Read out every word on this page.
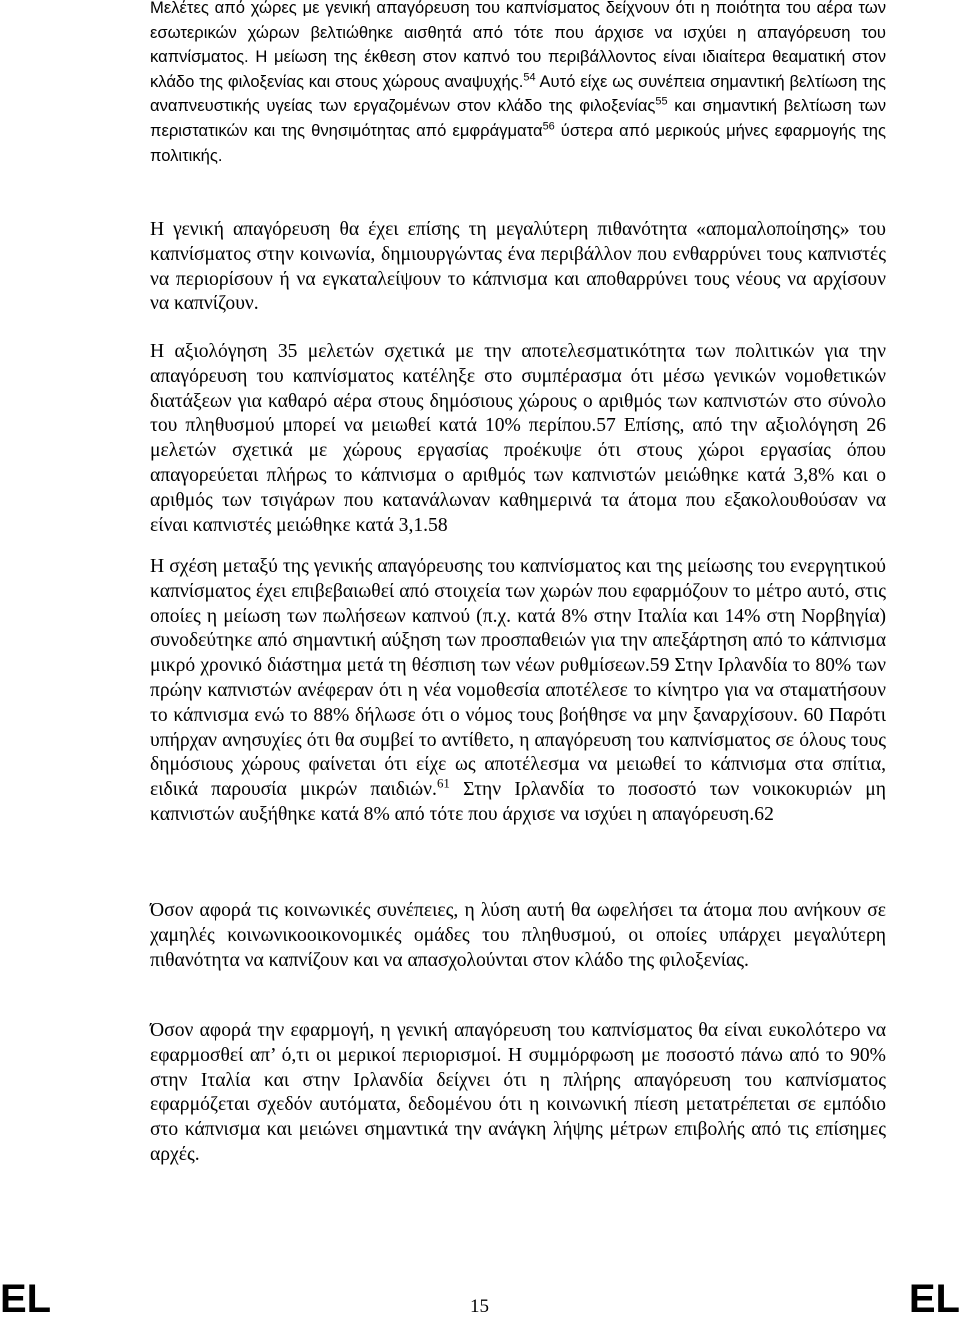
Μελέτες από χώρες με γενική απαγόρευση του καπνίσματος δείχνουν ότι η ποιότητα του αέρα των εσωτερικών χώρων βελτιώθηκε αισθητά από τότε που άρχισε να ισχύει η απαγόρευση του καπνίσματος. Η μείωση της έκθεση στον καπνό του περιβάλλοντος είναι ιδιαίτερα θεαματική στον κλάδο της φιλοξενίας και στους χώρους αναψυχής.$^{54}$ Αυτό είχε ως συνέπεια σημαντική βελτίωση της αναπνευστικής υγείας των εργαζομένων στον κλάδο της φιλοξενίας$^{55}$ και σημαντική βελτίωση των περιστατικών και της θνησιμότητας από εμφράγματα$^{56}$ ύστερα από μερικούς μήνες εφαρμογής της πολιτικής.

Η γενική απαγόρευση θα έχει επίσης τη μεγαλύτερη πιθανότητα «απομαλοποίησης» του καπνίσματος στην κοινωνία, δημιουργώντας ένα περιβάλλον που ενθαρρύνει τους καπνιστές να περιορίσουν ή να εγκαταλείψουν το κάπνισμα και αποθαρρύνει τους νέους να αρχίσουν να καπνίζουν.

Η αξιολόγηση 35 μελετών σχετικά με την αποτελεσματικότητα των πολιτικών για την απαγόρευση του καπνίσματος κατέληξε στο συμπέρασμα ότι μέσω γενικών νομοθετικών διατάξεων για καθαρό αέρα στους δημόσιους χώρους ο αριθμός των καπνιστών στο σύνολο του πληθυσμού μπορεί να μειωθεί κατά 10% περίπου.57 Επίσης, από την αξιολόγηση 26 μελετών σχετικά με χώρους εργασίας προέκυψε ότι στους χώροι εργασίας όπου απαγορεύεται πλήρως το κάπνισμα ο αριθμός των καπνιστών μειώθηκε κατά 3,8% και ο αριθμός των τσιγάρων που κατανάλωναν καθημερινά τα άτομα που εξακολουθούσαν να είναι καπνιστές μειώθηκε κατά 3,1.58

Η σχέση μεταξύ της γενικής απαγόρευσης του καπνίσματος και της μείωσης του ενεργητικού καπνίσματος έχει επιβεβαιωθεί από στοιχεία των χωρών που εφαρμόζουν το μέτρο αυτό, στις οποίες η μείωση των πωλήσεων καπνού (π.χ. κατά 8% στην Ιταλία και 14% στη Νορβηγία) συνοδεύτηκε από σημαντική αύξηση των προσπαθειών για την απεξάρτηση από το κάπνισμα μικρό χρονικό διάστημα μετά τη θέσπιση των νέων ρυθμίσεων.59 Στην Ιρλανδία το 80% των πρώην καπνιστών ανέφεραν ότι η νέα νομοθεσία αποτέλεσε το κίνητρο για να σταματήσουν το κάπνισμα ενώ το 88% δήλωσε ότι ο νόμος τους βοήθησε να μην ξαναρχίσουν. 60 Παρότι υπήρχαν ανησυχίες ότι θα συμβεί το αντίθετο, η απαγόρευση του καπνίσματος σε όλους τους δημόσιους χώρους φαίνεται ότι είχε ως αποτέλεσμα να μειωθεί το κάπνισμα στα σπίτια, ειδικά παρουσία μικρών παιδιών.$^{61}$ Στην Ιρλανδία το ποσοστό των νοικοκυριών μη καπνιστών αυξήθηκε κατά 8% από τότε που άρχισε να ισχύει η απαγόρευση.62

Όσον αφορά τις κοινωνικές συνέπειες, η λύση αυτή θα ωφελήσει τα άτομα που ανήκουν σε χαμηλές κοινωνικοοικονομικές ομάδες του πληθυσμού, οι οποίες υπάρχει μεγαλύτερη πιθανότητα να καπνίζουν και να απασχολούνται στον κλάδο της φιλοξενίας.

Όσον αφορά την εφαρμογή, η γενική απαγόρευση του καπνίσματος θα είναι ευκολότερο να εφαρμοσθεί απ’ ό,τι οι μερικοί περιορισμοί. Η συμμόρφωση με ποσοστό πάνω από το 90% στην Ιταλία και στην Ιρλανδία δείχνει ότι η πλήρης απαγόρευση του καπνίσματος εφαρμόζεται σχεδόν αυτόματα, δεδομένου ότι η κοινωνική πίεση μετατρέπεται σε εμπόδιο στο κάπνισμα και μειώνει σημαντικά την ανάγκη λήψης μέτρων επιβολής από τις επίσημες αρχές.

EL	15	EL
